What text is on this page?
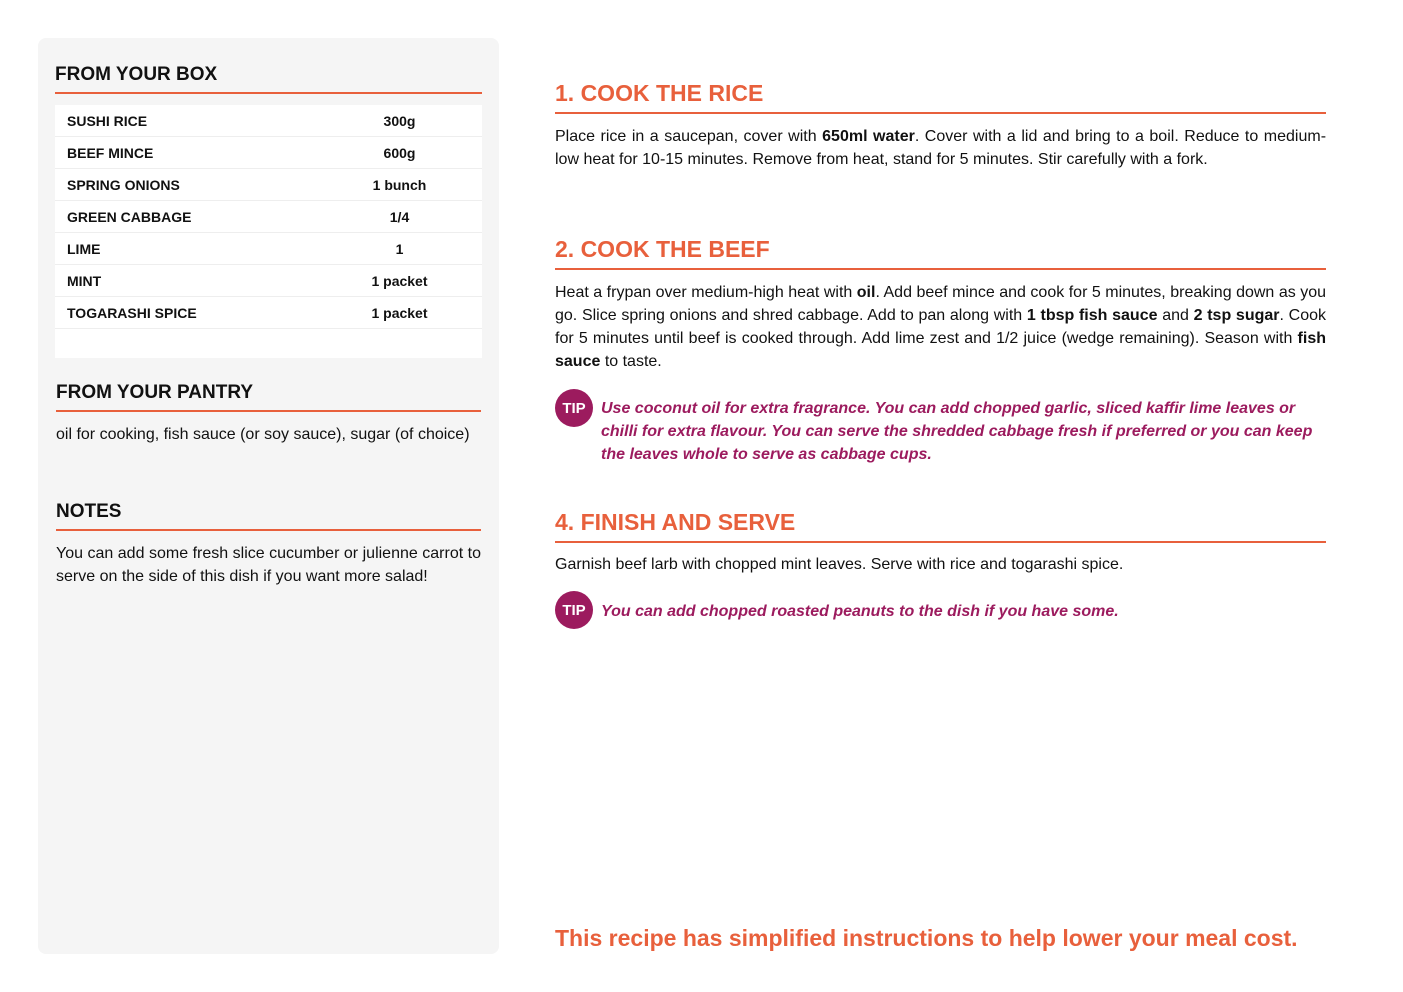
FROM YOUR BOX
SUSHI RICE	300g
BEEF MINCE	600g
SPRING ONIONS	1 bunch
GREEN CABBAGE	1/4
LIME	1
MINT	1 packet
TOGARASHI SPICE	1 packet
FROM YOUR PANTRY

oil for cooking, fish sauce (or soy sauce), sugar (of choice)

NOTES

You can add some fresh slice cucumber or julienne carrot to serve on the side of this dish if you want more salad!

1. COOK THE RICE

Place rice in a saucepan, cover with 650ml water. Cover with a lid and bring to a boil. Reduce to medium-low heat for 10-15 minutes. Remove from heat, stand for 5 minutes. Stir carefully with a fork.

2. COOK THE BEEF

Heat a frypan over medium-high heat with oil. Add beef mince and cook for 5 minutes, breaking down as you go. Slice spring onions and shred cabbage. Add to pan along with 1 tbsp fish sauce and 2 tsp sugar. Cook for 5 minutes until beef is cooked through. Add lime zest and 1/2 juice (wedge remaining). Season with fish sauce to taste.

TIP Use coconut oil for extra fragrance. You can add chopped garlic, sliced kaffir lime leaves or chilli for extra flavour. You can serve the shredded cabbage fresh if preferred or you can keep the leaves whole to serve as cabbage cups.

4. FINISH AND SERVE

Garnish beef larb with chopped mint leaves. Serve with rice and togarashi spice.

TIP You can add chopped roasted peanuts to the dish if you have some.

This recipe has simplified instructions to help lower your meal cost.
